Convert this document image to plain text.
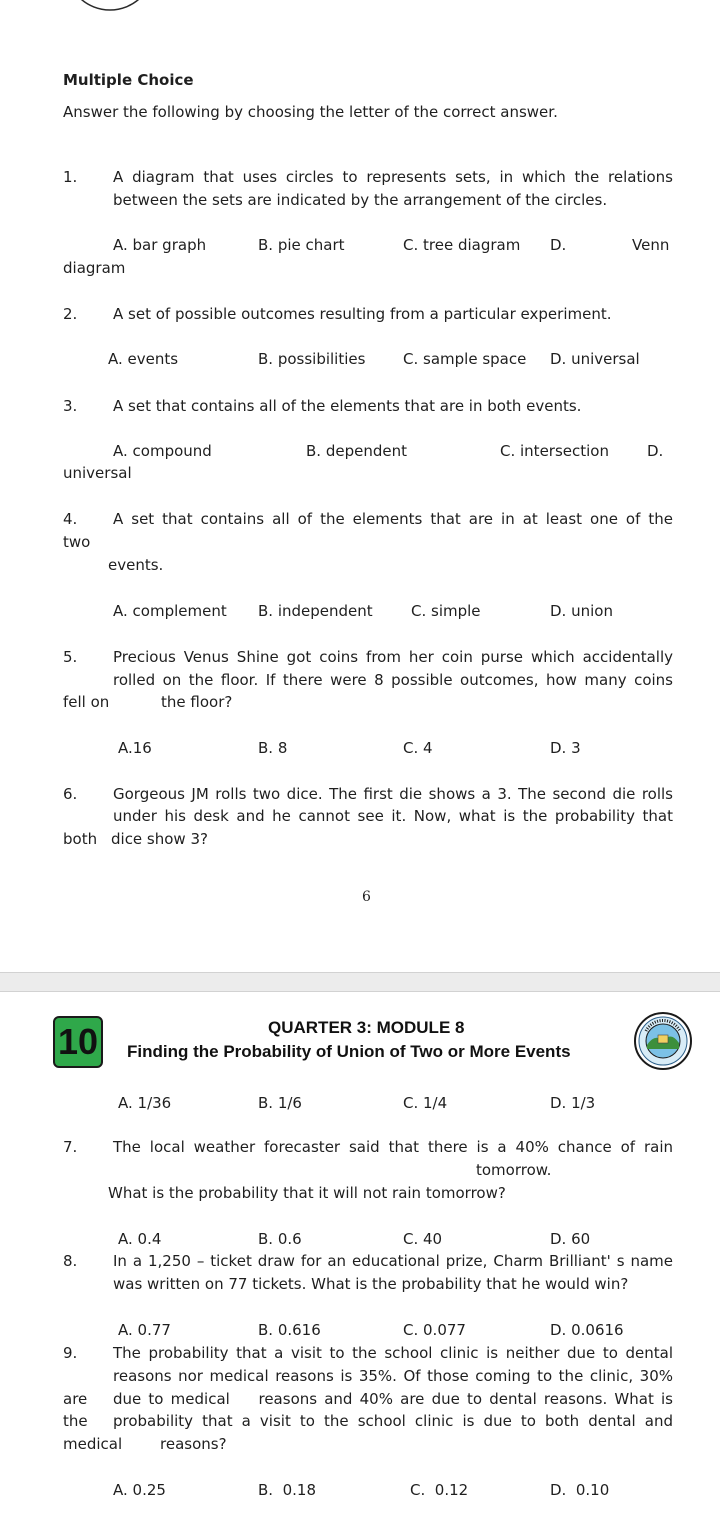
Multiple Choice
Answer the following by choosing the letter of the correct answer.
1. A diagram that uses circles to represents sets, in which the relations
between the sets are indicated by the arrangement of the circles.
A. bar graph	B. pie chart	C. tree diagram D.	Venn
diagram
2. A set of possible outcomes resulting from a particular experiment.
A. events	B. possibilities	C. sample space D. universal
3. A set that contains all of the elements that are in both events.
A. compound	B. dependent	C. intersection	D.
universal
4. A set that contains all of the elements that are in at least one of the
two
events.
A. complement B. independent	C. simple	D. union
5. Precious Venus Shine got coins from her coin purse which accidentally
rolled on the floor. If there were 8 possible outcomes, how many coins
fell on	the floor?
A.16	B. 8	C. 4	D. 3
6. Gorgeous JM rolls two dice. The first die shows a 3. The second die rolls
under his desk and he cannot see it. Now, what is the probability that
both dice show 3?
6
10	QUARTER 3: MODULE 8
Finding the Probability of Union of Two or More Events
A. 1/36	B. 1/6	C. 1/4	D. 1/3
7. The local weather forecaster said that there is a 40% chance of rain
tomorrow.
What is the probability that it will not rain tomorrow?
A. 0.4	B. 0.6	C. 40	D. 60
8. In a 1,250 – ticket draw for an educational prize, Charm Brilliant' s name
was written on 77 tickets. What is the probability that he would win?
A. 0.77	B. 0.616	C. 0.077	D. 0.0616
9. The probability that a visit to the school clinic is neither due to dental
reasons nor medical reasons is 35%. Of those coming to the clinic, 30%
are due to medical    reasons and 40% are due to dental reasons. What is
the probability that a visit to the school clinic is due to both dental and
medical	reasons?
A. 0.25	B.  0.18	C.  0.12	D.  0.10
